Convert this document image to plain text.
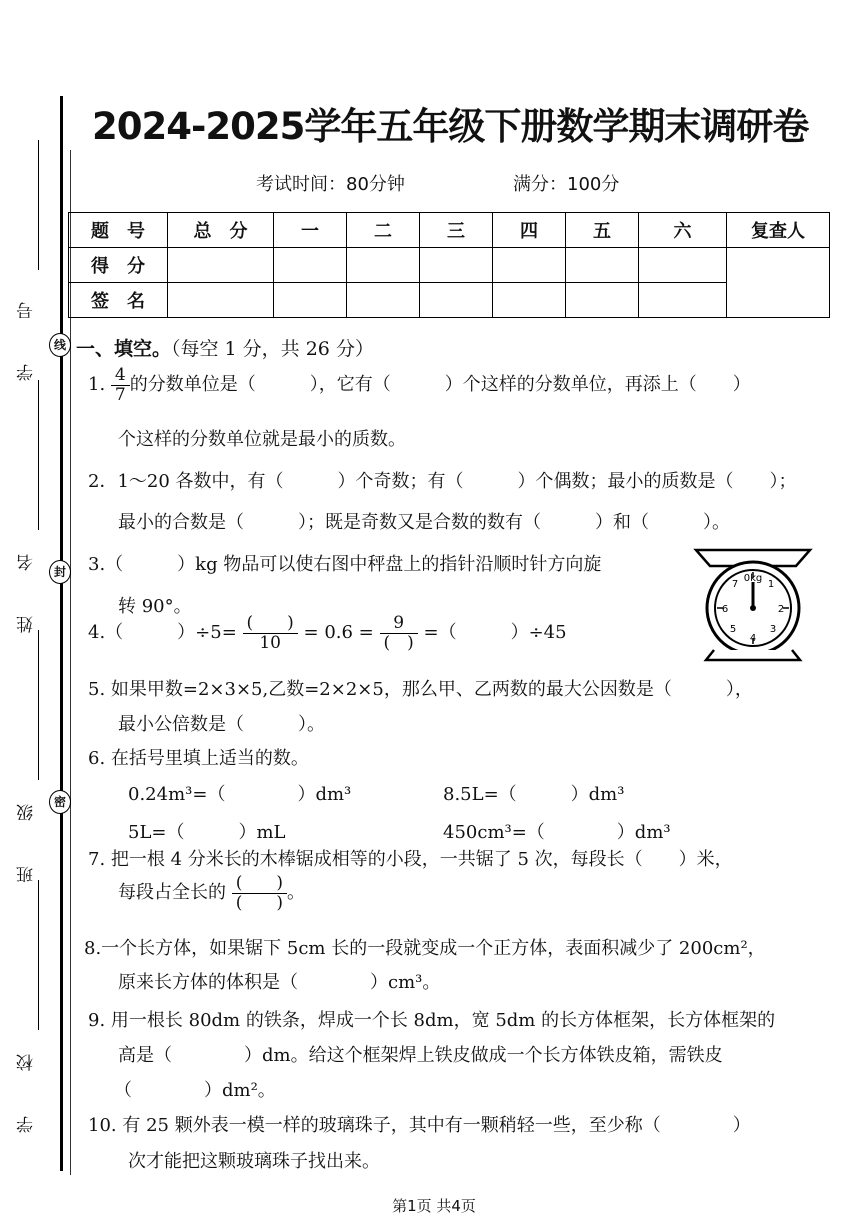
学　号
姓　名
班　级
学　校
线
封
密
2024-2025学年五年级下册数学期末调研卷
考试时间：80分钟	满分：100分
题　号	总　分	一	二	三	四	五	六	复查人
得　分								
签　名								
一、填空。（每空 1 分，共 26 分）
1. $\frac{4}{7}$ 的分数单位是（　　　），它有（　　　）个这样的分数单位，再添上（　　）
个这样的分数单位就是最小的质数。
2．1～20 各数中，有（　　　）个奇数；有（　　　）个偶数；最小的质数是（　　）；
最小的合数是（　　　）；既是奇数又是合数的数有（　　　）和（　　　）。
3.（　　　）kg 物品可以使右图中秤盘上的指针沿顺时针方向旋
转 90°。
0kg
1
2
3
4
5
6
7
4.（　　　）$\div 5= \frac{( )}{10} = 0.6 = \frac{9}{( )}$ =（　　　）÷45
5. 如果甲数=2×3×5,乙数=2×2×5，那么甲、乙两数的最大公因数是（　　　），
最小公倍数是（　　　）。
6. 在括号里填上适当的数。
0.24m³=（　　　　）dm³	8.5L=（　　　）dm³
5L=（　　　）mL	450cm³=（　　　　）dm³
7. 把一根 4 分米长的木棒锯成相等的小段，一共锯了 5 次，每段长（　　）米，
每段占全长的 $\frac{( )}{( )}$ 。
8.一个长方体，如果锯下 5cm 长的一段就变成一个正方体，表面积减少了 200cm²，
原来长方体的体积是（　　　　）cm³。
9. 用一根长 80dm 的铁条，焊成一个长 8dm，宽 5dm 的长方体框架，长方体框架的
高是（　　　　）dm。给这个框架焊上铁皮做成一个长方体铁皮箱，需铁皮
（　　　　）dm²。
10. 有 25 颗外表一模一样的玻璃珠子，其中有一颗稍轻一些，至少称（　　　　）
次才能把这颗玻璃珠子找出来。
第1页 共4页
